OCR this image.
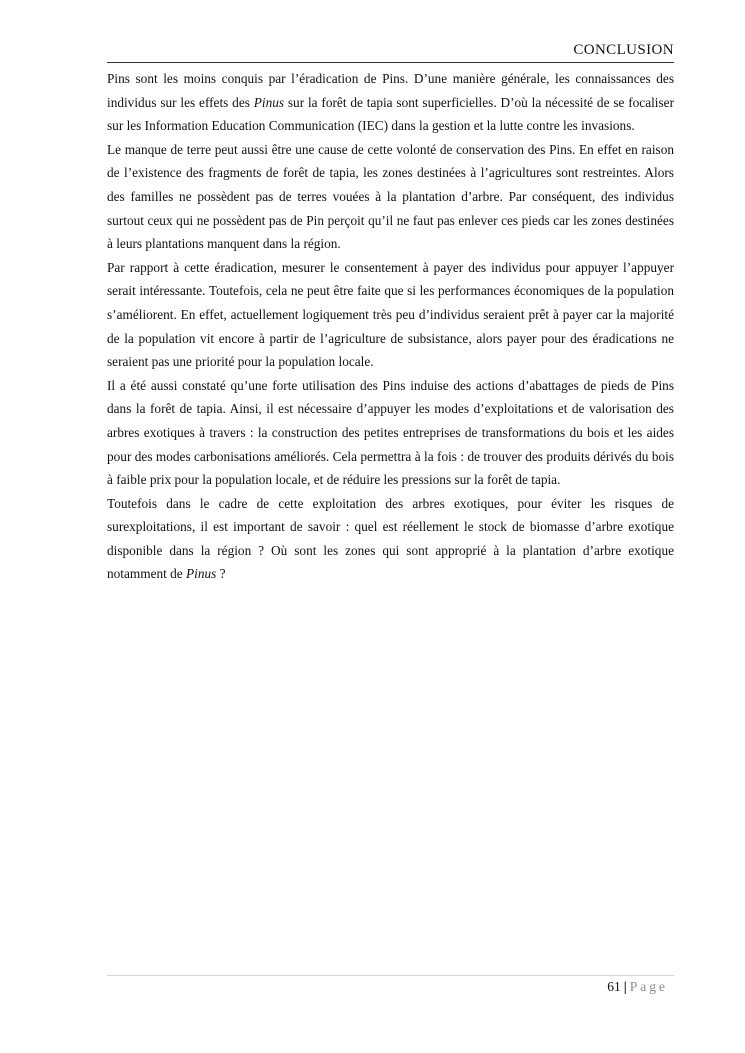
CONCLUSION

Pins sont les moins conquis par l’éradication de Pins. D’une manière générale, les connaissances des individus sur les effets des Pinus sur la forêt de tapia sont superficielles. D’où la nécessité de se focaliser sur les Information Education Communication (IEC) dans la gestion et la lutte contre les invasions.

Le manque de terre peut aussi être une cause de cette volonté de conservation des Pins. En effet en raison de l’existence des fragments de forêt de tapia, les zones destinées à l’agricultures sont restreintes. Alors des familles ne possèdent pas de terres vouées à la plantation d’arbre. Par conséquent, des individus surtout ceux qui ne possèdent pas de Pin perçoit qu’il ne faut pas enlever ces pieds car les zones destinées à leurs plantations manquent dans la région.

Par rapport à cette éradication, mesurer le consentement à payer des individus pour appuyer l’appuyer serait intéressante. Toutefois, cela ne peut être faite que si les performances économiques de la population s’améliorent. En effet, actuellement logiquement très peu d’individus seraient prêt à payer car la majorité de la population vit encore à partir de l’agriculture de subsistance, alors payer pour des éradications ne seraient pas une priorité pour la population locale.

Il a été aussi constaté qu’une forte utilisation des Pins induise des actions d’abattages de pieds de Pins dans la forêt de tapia. Ainsi, il est nécessaire d’appuyer les modes d’exploitations et de valorisation des arbres exotiques à travers : la construction des petites entreprises de transformations du bois et les aides pour des modes carbonisations améliorés. Cela permettra à la fois : de trouver des produits dérivés du bois à faible prix pour la population locale, et de réduire les pressions sur la forêt de tapia.

Toutefois dans le cadre de cette exploitation des arbres exotiques, pour éviter les risques de surexploitations, il est important de savoir : quel est réellement le stock de biomasse d’arbre exotique disponible dans la région ? Où sont les zones qui sont approprié à la plantation d’arbre exotique notamment de Pinus ?

61 | Page
